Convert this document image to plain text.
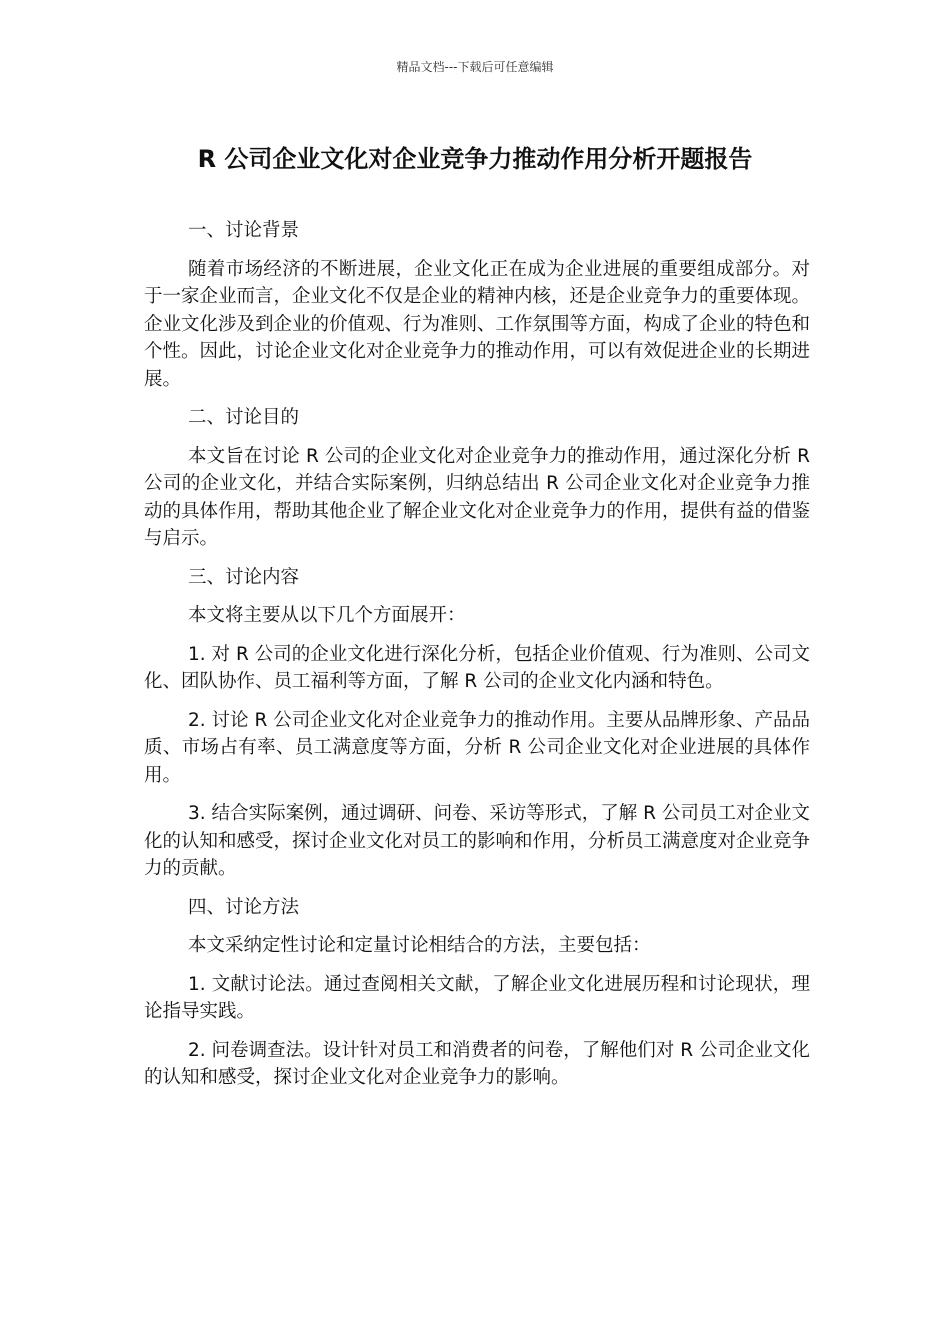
精品文档---下载后可任意编辑
R 公司企业文化对企业竞争力推动作用分析开题报告

一、讨论背景

随着市场经济的不断进展，企业文化正在成为企业进展的重要组成部分。对于一家企业而言，企业文化不仅是企业的精神内核，还是企业竞争力的重要体现。企业文化涉及到企业的价值观、行为准则、工作氛围等方面，构成了企业的特色和个性。因此，讨论企业文化对企业竞争力的推动作用，可以有效促进企业的长期进展。

二、讨论目的

本文旨在讨论 R 公司的企业文化对企业竞争力的推动作用，通过深化分析 R 公司的企业文化，并结合实际案例，归纳总结出 R 公司企业文化对企业竞争力推动的具体作用，帮助其他企业了解企业文化对企业竞争力的作用，提供有益的借鉴与启示。

三、讨论内容

本文将主要从以下几个方面展开：

1. 对 R 公司的企业文化进行深化分析，包括企业价值观、行为准则、公司文化、团队协作、员工福利等方面，了解 R 公司的企业文化内涵和特色。

2. 讨论 R 公司企业文化对企业竞争力的推动作用。主要从品牌形象、产品品质、市场占有率、员工满意度等方面，分析 R 公司企业文化对企业进展的具体作用。

3. 结合实际案例，通过调研、问卷、采访等形式，了解 R 公司员工对企业文化的认知和感受，探讨企业文化对员工的影响和作用，分析员工满意度对企业竞争力的贡献。

四、讨论方法

本文采纳定性讨论和定量讨论相结合的方法，主要包括：

1. 文献讨论法。通过查阅相关文献，了解企业文化进展历程和讨论现状，理论指导实践。

2. 问卷调查法。设计针对员工和消费者的问卷，了解他们对 R 公司企业文化的认知和感受，探讨企业文化对企业竞争力的影响。
